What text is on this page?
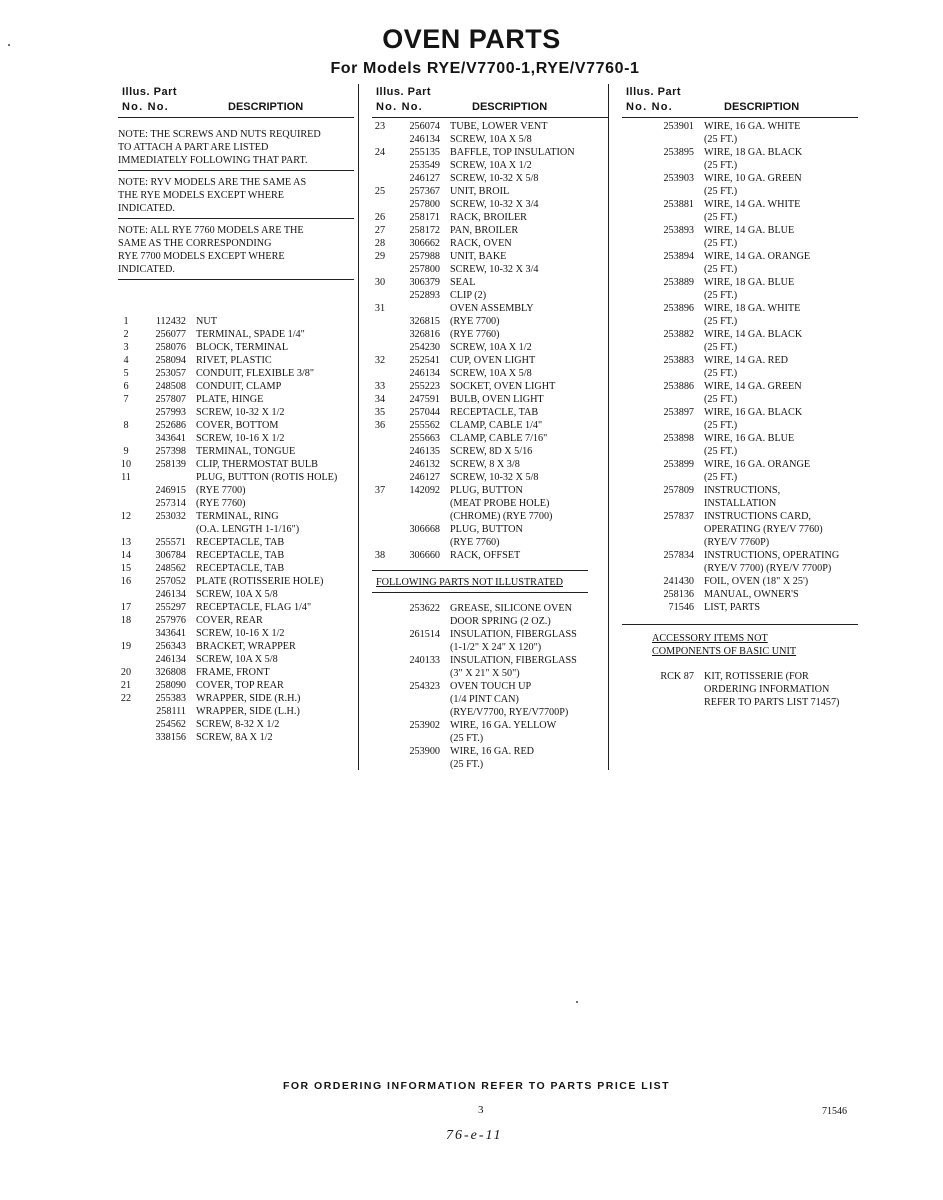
OVEN PARTS
For Models RYE/V7700-1,RYE/V7760-1
Illus. Part
No. No.	DESCRIPTION
NOTE: THE SCREWS AND NUTS REQUIRED
TO ATTACH A PART ARE LISTED
IMMEDIATELY FOLLOWING THAT PART.
NOTE: RYV MODELS ARE THE SAME AS
THE RYE MODELS EXCEPT WHERE
INDICATED.
NOTE: ALL RYE 7760 MODELS ARE THE
SAME AS THE CORRESPONDING
RYE 7700 MODELS EXCEPT WHERE
INDICATED.
1	112432 NUT
2	256077 TERMINAL, SPADE 1/4"
3	258076 BLOCK, TERMINAL
4	258094 RIVET, PLASTIC
5	253057 CONDUIT, FLEXIBLE 3/8"
6	248508 CONDUIT, CLAMP
7	257807 PLATE, HINGE
257993 SCREW, 10-32 X 1/2
8	252686 COVER, BOTTOM
343641 SCREW, 10-16 X 1/2
9	257398 TERMINAL, TONGUE
10	258139 CLIP, THERMOSTAT BULB
11	PLUG, BUTTON (ROTIS HOLE)
246915 (RYE 7700)
257314 (RYE 7760)
12	253032 TERMINAL, RING
(O.A. LENGTH 1-1/16")
13	255571 RECEPTACLE, TAB
14	306784 RECEPTACLE, TAB
15	248562 RECEPTACLE, TAB
16	257052 PLATE (ROTISSERIE HOLE)
246134 SCREW, 10A X 5/8
17	255297 RECEPTACLE, FLAG 1/4"
18	257976 COVER, REAR
343641 SCREW, 10-16 X 1/2
19	256343 BRACKET, WRAPPER
246134 SCREW, 10A X 5/8
20	326808 FRAME, FRONT
21	258090 COVER, TOP REAR
22	255383 WRAPPER, SIDE (R.H.)
258111 WRAPPER, SIDE (L.H.)
254562 SCREW, 8-32 X 1/2
338156 SCREW, 8A X 1/2
Illus. Part
No. No.	DESCRIPTION
23	256074 TUBE, LOWER VENT
246134 SCREW, 10A X 5/8
24	255135 BAFFLE, TOP INSULATION
253549 SCREW, 10A X 1/2
246127 SCREW, 10-32 X 5/8
25	257367 UNIT, BROIL
257800 SCREW, 10-32 X 3/4
26	258171 RACK, BROILER
27	258172 PAN, BROILER
28	306662 RACK, OVEN
29	257988 UNIT, BAKE
257800 SCREW, 10-32 X 3/4
30	306379 SEAL
252893 CLIP (2)
31	OVEN ASSEMBLY
326815 (RYE 7700)
326816 (RYE 7760)
254230 SCREW, 10A X 1/2
32	252541 CUP, OVEN LIGHT
246134 SCREW, 10A X 5/8
33	255223 SOCKET, OVEN LIGHT
34	247591 BULB, OVEN LIGHT
35	257044 RECEPTACLE, TAB
36	255562 CLAMP, CABLE 1/4"
255663 CLAMP, CABLE 7/16"
246135 SCREW, 8D X 5/16
246132 SCREW, 8 X 3/8
246127 SCREW, 10-32 X 5/8
37	142092 PLUG, BUTTON
(MEAT PROBE HOLE)
(CHROME) (RYE 7700)
306668 PLUG, BUTTON
(RYE 7760)
38	306660 RACK, OFFSET
FOLLOWING PARTS NOT ILLUSTRATED
253622 GREASE, SILICONE OVEN
DOOR SPRING (2 OZ.)
261514 INSULATION, FIBERGLASS
(1-1/2" X 24" X 120")
240133 INSULATION, FIBERGLASS
(3" X 21" X 50")
254323 OVEN TOUCH UP
(1/4 PINT CAN)
(RYE/V7700, RYE/V7700P)
253902 WIRE, 16 GA. YELLOW
(25 FT.)
253900 WIRE, 16 GA. RED
(25 FT.)
Illus. Part
No. No.	DESCRIPTION
253901 WIRE, 16 GA. WHITE
(25 FT.)
253895 WIRE, 18 GA. BLACK
(25 FT.)
253903 WIRE, 10 GA. GREEN
(25 FT.)
253881 WIRE, 14 GA. WHITE
(25 FT.)
253893 WIRE, 14 GA. BLUE
(25 FT.)
253894 WIRE, 14 GA. ORANGE
(25 FT.)
253889 WIRE, 18 GA. BLUE
(25 FT.)
253896 WIRE, 18 GA. WHITE
(25 FT.)
253882 WIRE, 14 GA. BLACK
(25 FT.)
253883 WIRE, 14 GA. RED
(25 FT.)
253886 WIRE, 14 GA. GREEN
(25 FT.)
253897 WIRE, 16 GA. BLACK
(25 FT.)
253898 WIRE, 16 GA. BLUE
(25 FT.)
253899 WIRE, 16 GA. ORANGE
(25 FT.)
257809 INSTRUCTIONS,
INSTALLATION
257837 INSTRUCTIONS CARD,
OPERATING (RYE/V 7760)
(RYE/V 7760P)
257834 INSTRUCTIONS, OPERATING
(RYE/V 7700) (RYE/V 7700P)
241430 FOIL, OVEN (18" X 25')
258136 MANUAL, OWNER'S
71546 LIST, PARTS
ACCESSORY ITEMS NOT
COMPONENTS OF BASIC UNIT
RCK 87 KIT, ROTISSERIE (FOR
ORDERING INFORMATION
REFER TO PARTS LIST 71457)
FOR ORDERING INFORMATION REFER TO PARTS PRICE LIST
3	71546
76-e-11
